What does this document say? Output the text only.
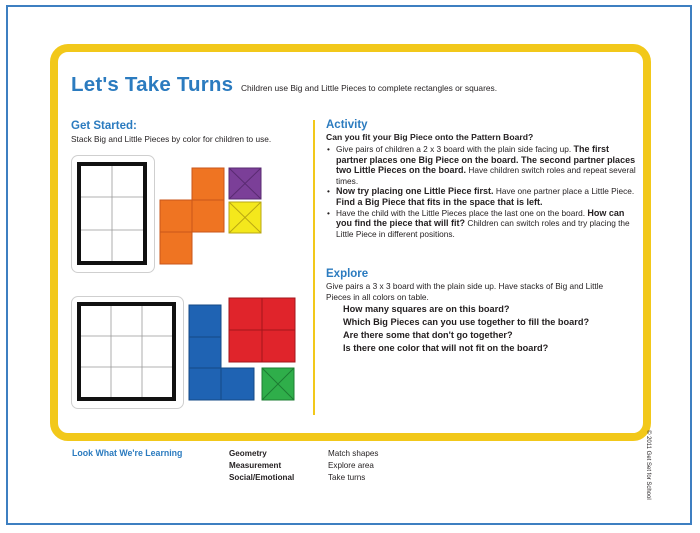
Let's Take Turns Children use Big and Little Pieces to complete rectangles or squares.
Get Started:
Stack Big and Little Pieces by color for children to use.
Activity
Can you fit your Big Piece onto the Pattern Board?
• Give pairs of children a 2 x 3 board with the plain side facing up. The first partner places one Big Piece on the board. The second partner places two Little Pieces on the board. Have children switch roles and repeat several times.
• Now try placing one Little Piece first. Have one partner place a Little Piece. Find a Big Piece that fits in the space that is left.
• Have the child with the Little Pieces place the last one on the board. How can you find the piece that will fit? Children can switch roles and try placing the Little Piece in different positions.
Explore
Give pairs a 3 x 3 board with the plain side up. Have stacks of Big and Little Pieces in all colors on table.
How many squares are on this board?
Which Big Pieces can you use together to fill the board?
Are there some that don't go together?
Is there one color that will not fit on the board?
© 2011 Get Set for School
Look What We're Learning	Geometry
Measurement
Social/Emotional
Match shapes
Explore area
Take turns
